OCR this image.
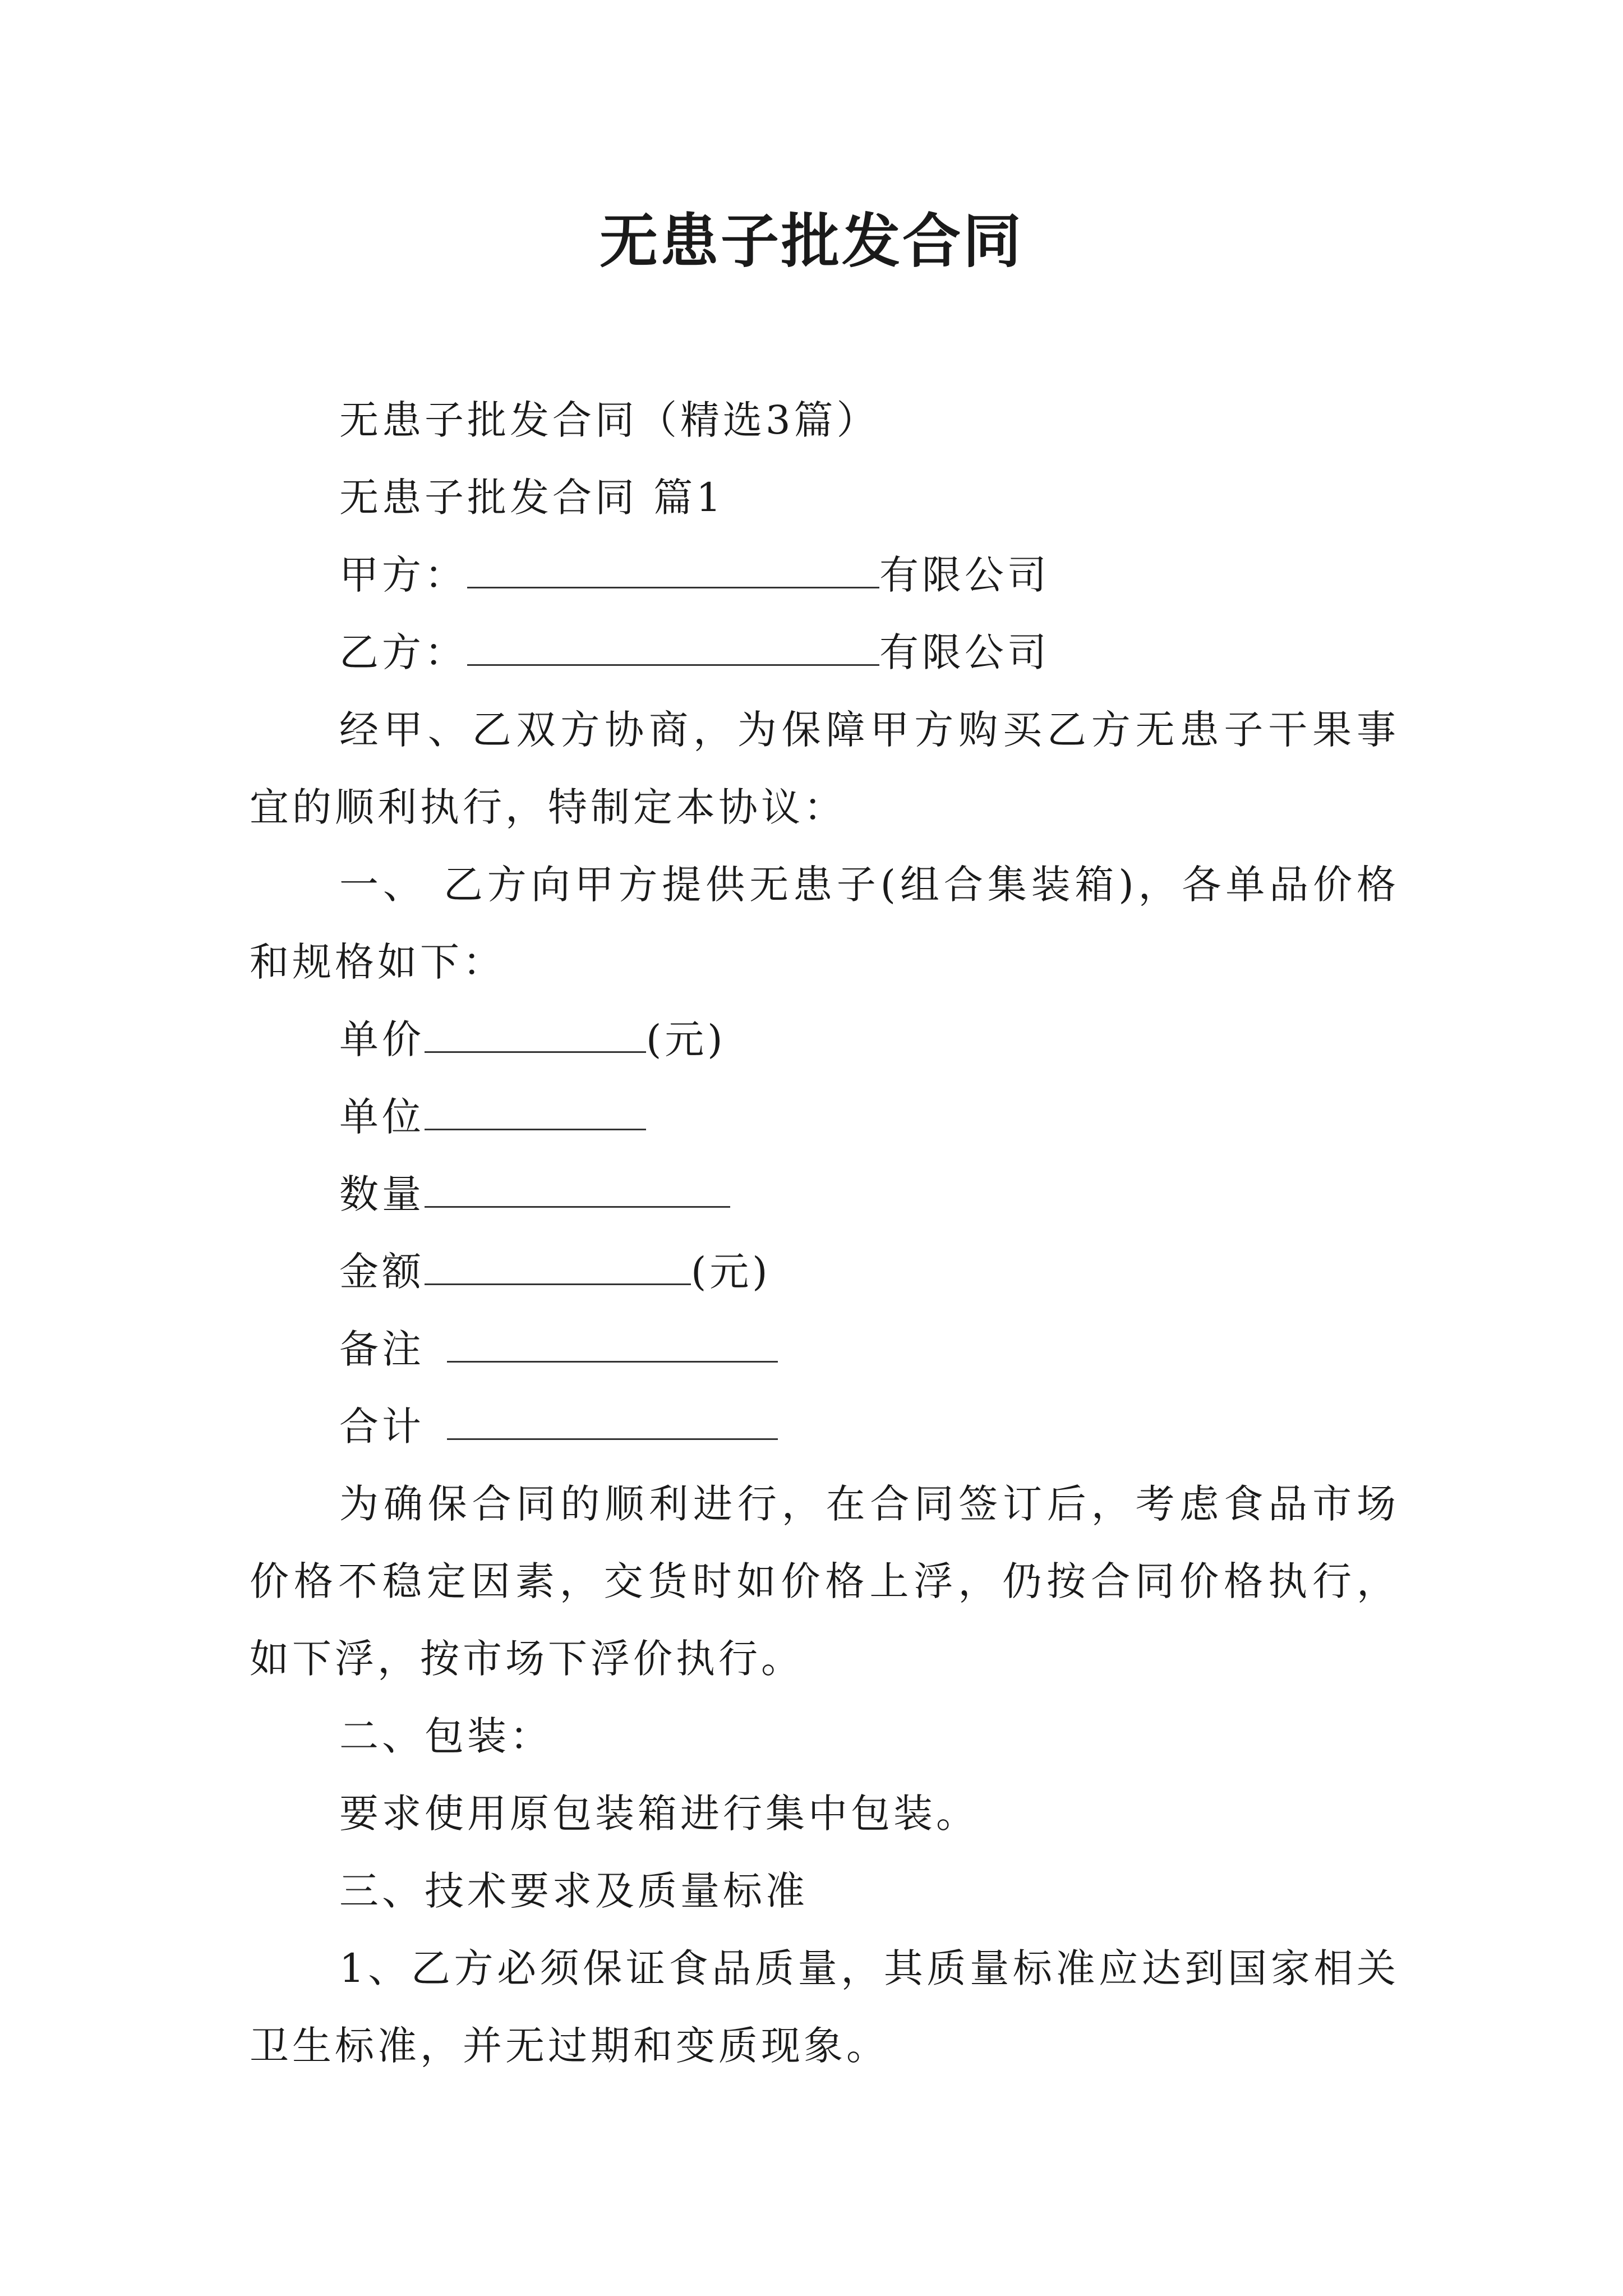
无患子批发合同
无患子批发合同（精选3篇）
无患子批发合同 篇1
甲方：	有限公司
乙方：	有限公司
经甲、乙双方协商，为保障甲方购买乙方无患子干果事宜的顺利执行，特制定本协议：
一、 乙方向甲方提供无患子(组合集装箱)，各单品价格和规格如下：
单价	(元)
单位
数量
金额	(元)
备注
合计
为确保合同的顺利进行，在合同签订后，考虑食品市场价格不稳定因素，交货时如价格上浮，仍按合同价格执行，如下浮，按市场下浮价执行。
二、包装：
要求使用原包装箱进行集中包装。
三、技术要求及质量标准
1、乙方必须保证食品质量，其质量标准应达到国家相关卫生标准，并无过期和变质现象。
